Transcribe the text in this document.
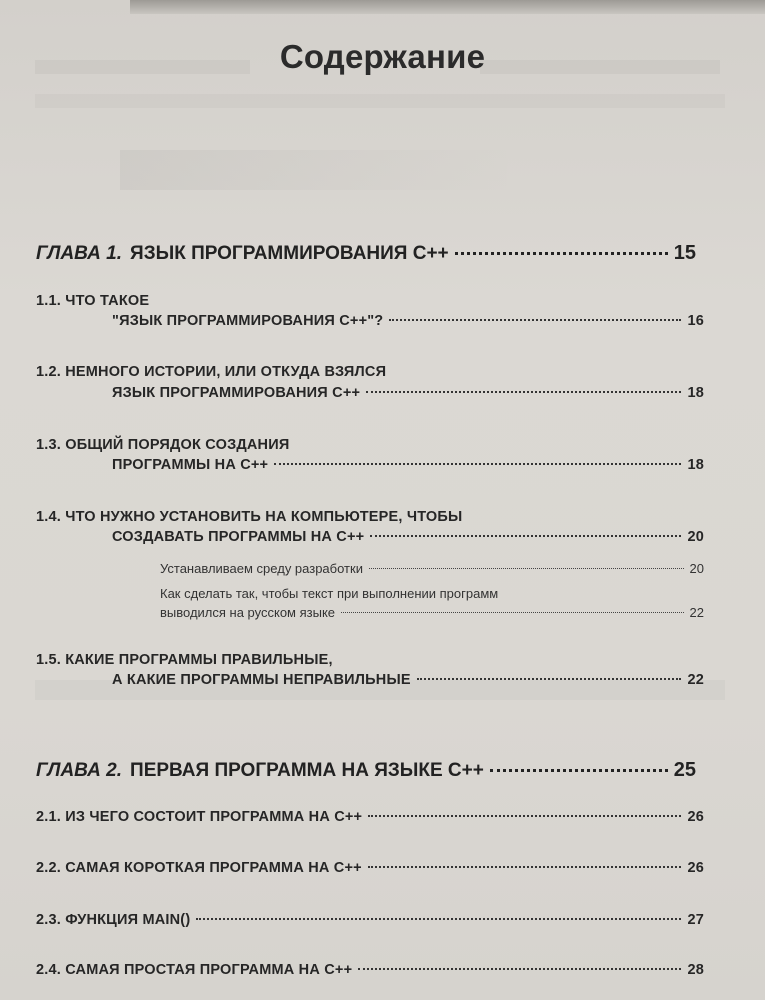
Содержание
ГЛАВА 1. ЯЗЫК ПРОГРАММИРОВАНИЯ С++	15
1.1. ЧТО ТАКОЕ
"ЯЗЫК ПРОГРАММИРОВАНИЯ С++"?	16
1.2. НЕМНОГО ИСТОРИИ, ИЛИ ОТКУДА ВЗЯЛСЯ
ЯЗЫК ПРОГРАММИРОВАНИЯ С++	18
1.3. ОБЩИЙ ПОРЯДОК СОЗДАНИЯ
ПРОГРАММЫ НА С++	18
1.4. ЧТО НУЖНО УСТАНОВИТЬ НА КОМПЬЮТЕРЕ, ЧТОБЫ
СОЗДАВАТЬ ПРОГРАММЫ НА С++	20
Устанавливаем среду разработки	20
Как сделать так, чтобы текст при выполнении программ
выводился на русском языке	22
1.5. КАКИЕ ПРОГРАММЫ ПРАВИЛЬНЫЕ,
А КАКИЕ ПРОГРАММЫ НЕПРАВИЛЬНЫЕ	22
ГЛАВА 2. ПЕРВАЯ ПРОГРАММА НА ЯЗЫКЕ С++	25
2.1. ИЗ ЧЕГО СОСТОИТ ПРОГРАММА НА С++	26
2.2. САМАЯ КОРОТКАЯ ПРОГРАММА НА С++	26
2.3. ФУНКЦИЯ MAIN()	27
2.4. САМАЯ ПРОСТАЯ ПРОГРАММА НА С++	28
